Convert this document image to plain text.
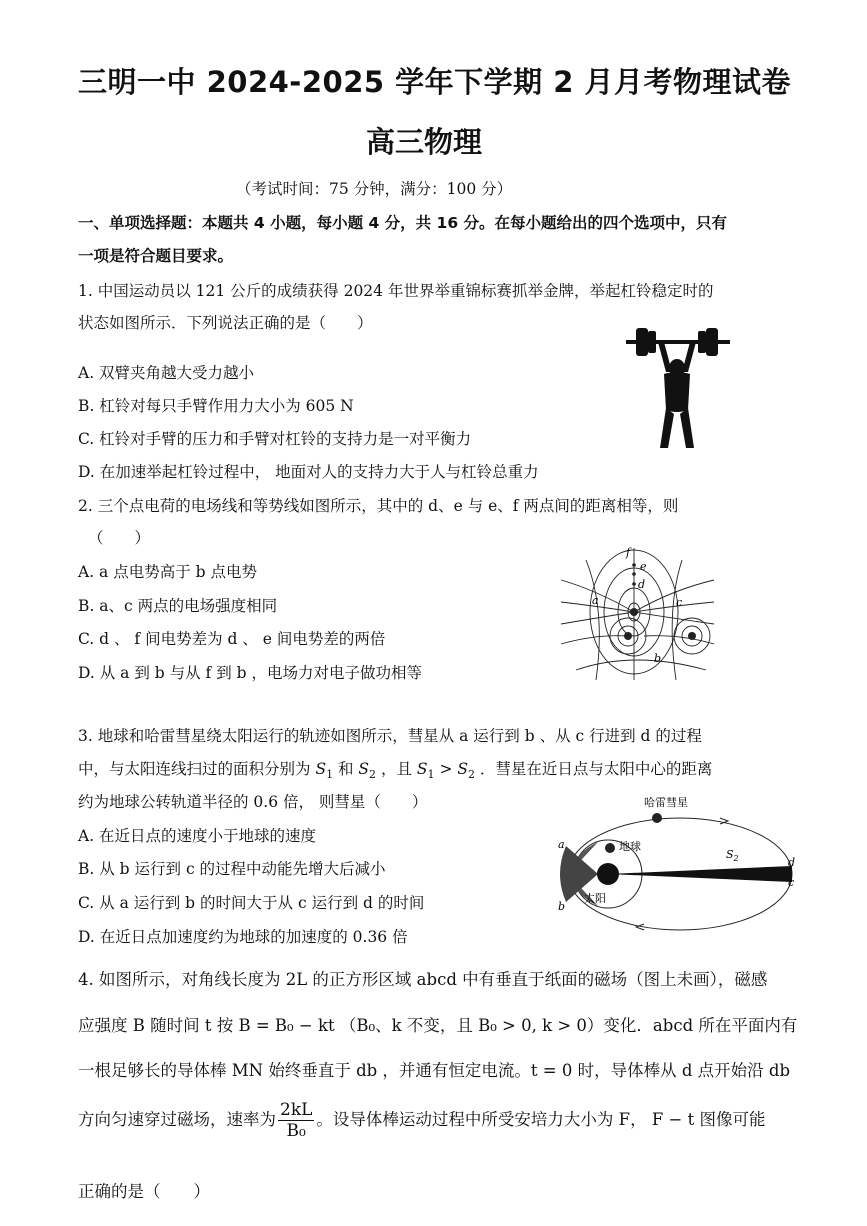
三明一中 2024-2025 学年下学期 2 月月考物理试卷
高三物理
（考试时间：75 分钟，满分：100 分）
一、单项选择题：本题共 4 小题，每小题 4 分，共 16 分。在每小题给出的四个选项中，只有
一项是符合题目要求。
1. 中国运动员以 121 公斤的成绩获得 2024 年世界举重锦标赛抓举金牌，举起杠铃稳定时的
状态如图所示．下列说法正确的是（　　）
A. 双臂夹角越大受力越小
B. 杠铃对每只手臂作用力大小为 605 N
C. 杠铃对手臂的压力和手臂对杠铃的支持力是一对平衡力
D. 在加速举起杠铃过程中， 地面对人的支持力大于人与杠铃总重力
2. 三个点电荷的电场线和等势线如图所示，其中的 d、e 与 e、f 两点间的距离相等，则
（　　）
A. a 点电势高于 b 点电势
B. a、c 两点的电场强度相同
C. d 、 f 间电势差为 d 、 e 间电势差的两倍
D. 从 a 到 b 与从 f 到 b ，电场力对电子做功相等
f
e
d
a	c
b
3. 地球和哈雷彗星绕太阳运行的轨迹如图所示，彗星从 a 运行到 b 、从 c 行进到 d 的过程
中，与太阳连线扫过的面积分别为 $S_1$ 和 $S_2$ ，且 $S_1 > S_2$ ．彗星在近日点与太阳中心的距离
约为地球公转轨道半径的 0.6 倍， 则彗星（　　）
A. 在近日点的速度小于地球的速度
B. 从 b 运行到 c 的过程中动能先增大后减小
C. 从 a 运行到 b 的时间大于从 c 运行到 d 的时间
D. 在近日点加速度约为地球的加速度的 0.36 倍
哈雷彗星
地球
太阳
$S_2$
a
b
c
d
4. 如图所示，对角线长度为 2L 的正方形区域 abcd 中有垂直于纸面的磁场（图上未画），磁感
应强度 B 随时间 t 按 B = B₀ − kt （B₀、k 不变，且 B₀ > 0, k > 0）变化．abcd 所在平面内有
一根足够长的导体棒 MN 始终垂直于 db ，并通有恒定电流。t = 0 时，导体棒从 d 点开始沿 db
方向匀速穿过磁场，速率为 $\frac{2kL}{\text{B₀}}$ 。设导体棒运动过程中所受安培力大小为 F， F − t 图像可能
正确的是（　　）
